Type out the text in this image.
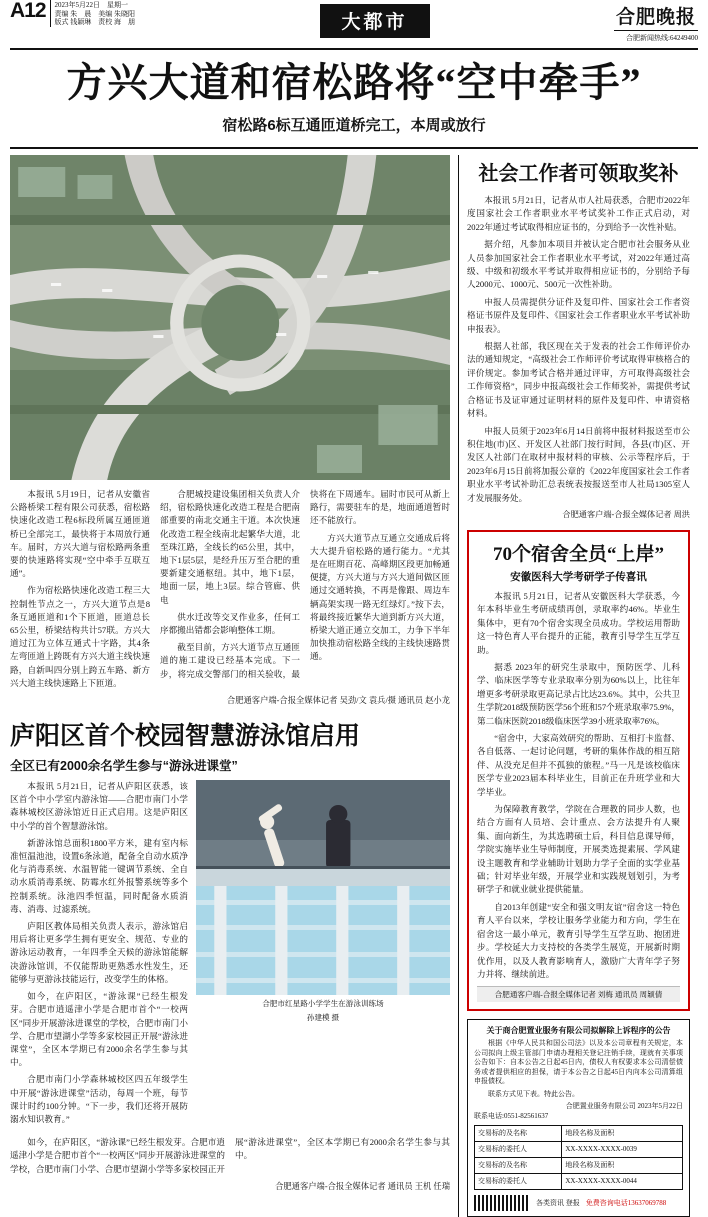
A12	2023年5月22日　星期一
责编 朱　晨　美编 朱晓阳
版式 钱颖琳　责校 海　朋	大都市	合肥晚报
合肥新闻热线:64249400
方兴大道和宿松路将“空中牵手”
宿松路6标互通匝道桥完工，本周或放行

本报讯 5月19日，记者从安徽省公路桥梁工程有限公司获悉，宿松路快速化改造工程6标段所属互通匝道桥已全部完工，最快将于本周放行通车。届时，方兴大道与宿松路两条重要的快速路将实现“空中牵手互联互通”。

作为宿松路快速化改造工程三大控制性节点之一，方兴大道节点是8条互通匝道和1个下匝道，匝道总长65公里，桥梁结构共计57联。方兴大道过江为立体互通式十字路，其4条左弯匝道上跨既有方兴大道主线快速路，自新叫四分别上跨五车路、新方兴大道主线快速路上下匝道。

合肥城投建设集团相关负责人介绍，宿松路快速化改造工程是合肥南部重要的南北交通主干道。本次快速化改造工程全线南北起繁华大道，北至珠江路，全线长约65公里，其中，地下1层5层，是经升压万至合肥的重要新建交通枢纽。其中，地下1层，地面一层，地上3层。综合管廊、供电

供水迁改等交叉作业多，任何工序都搬出错都会影响整体工期。

截至目前，方兴大道节点互通匝道的施工建设已经基本完成。下一步，将完成交警部门的相关验收，最快将在下周通车。届时市民可从新上路行，需要驻车的是，地面通道暂时还不能放行。

方兴大道节点互通立交通成后将大大提升宿松路的通行能力。“尤其是在旺期百花、高峰期区段更加畅通便捷，方兴大道与方兴大道间做区匝通过交通转换，不再是像跟、周边车辆高架实现一路无红绿灯。”按下去，将最终接近繁华大道到新方兴大道，桥梁大道正通立交加工，力争下半年加快推动宿松路全线的主线快速路贯通。

合肥通客户端-合报全媒体记者 吴劲/文 袁兵/摄 通讯员 赵小龙
庐阳区首个校园智慧游泳馆启用
全区已有2000余名学生参与“游泳进课堂”

本报讯 5月21日，记者从庐阳区获悉，该区首个中小学室内游泳馆——合肥市南门小学森林城校区游泳馆近日正式启用。这是庐阳区中小学的首个智慧游泳馆。

新游泳馆总面积1800平方米，建有室内标准恒温池池，设置6条泳道，配备全自动水质净化与消毒系统、水温智能一键调节系统、全自动水质消毒系统、防霉水红外报警系统等多个控制系统。泳池四季恒温，同时配备水质消毒、消毒、过滤系统。

庐阳区教体局相关负责人表示，游泳馆启用后将让更多学生拥有更安全、规范、专业的游泳运动教育，一年四季全天候的游泳馆能解决游泳馆训，不仅能帮助更熟悉水性发生，还能够与更游泳技能运行，改变学生的体格。

如今，在庐阳区，“游泳课”已经生根发芽。合肥市逍遥津小学是合肥市首个“一校两区”同步开展游泳进课堂的学校，合肥市南门小学、合肥市望湖小学等多家校园正开展“游泳进课堂”，全区本学期已有2000余名学生参与其中。

合肥市南门小学森林城校区四五年级学生中开展“游泳进课堂”活动，每周一个班，每节课计时约100分钟。“下一步，我们还将开展防溺水知识教育。”

合肥市红星路小学学生在游泳训练场
孙建模 摄

如今，在庐阳区，“游泳课”已经生根发芽。合肥市逍遥津小学是合肥市首个“一校两区”同步开展游泳进课堂的学校，合肥市南门小学、合肥市望湖小学等多家校园正开展“游泳进课堂”，全区本学期已有2000余名学生参与其中。

合肥通客户端-合报全媒体记者 通讯员 王机 任瑞
社会工作者可领取奖补

本报讯 5月21日，记者从市人社局获悉，合肥市2022年度国家社会工作者职业水平考试奖补工作正式启动，对2022年通过考试取得相应证书的，分到给予一次性补贴。

据介绍，凡参加本项目并被认定合肥市社会服务从业人员参加国家社会工作者职业水平考试，对2022年通过高级、中级和初级水平考试并取得相应证书的，分别给予每人2000元、1000元、500元一次性补助。

申报人员需提供分证件及复印件、国家社会工作者资格证书原件及复印件、《国家社会工作者职业水平考试补助申报表》。

根据人社部，我区现在关于发表的社会工作师评价办法的通知规定，“高级社会工作师评价考试取得审核格合的评价规定。参加考试合格并通过评审，方可取得高级社会工作师资格”，同步申报高级社会工作师奖补，需提供考试合格证书及证审通过证明材料的原件及复印件、申请资格材料。

申报人员须于2023年6月14日前将申报材料报送至市公积住地(市)区、开发区人社部门按行时间，各县(市)区、开发区人社部门在取材申报材料的审核、公示等程序后，于2023年6月15日前将加报公章的《2022年度国家社会工作者职业水平考试补助汇总表统表按报送至市人社局1305室人才发展服务处。

合肥通客户端-合报全媒体记者 周洪
70个宿舍全员“上岸”
安徽医科大学考研学子传喜讯

本报讯 5月21日，记者从安徽医科大学获悉，今年本科毕业生考研成绩再创，录取率约46%。毕业生集体中，更有70个宿舍实现全员成功。学校运用帮助这一特色育人平台提升的正能，教育引导学生互学互助。

据悉 2023年的研究生录取中，预防医学、儿科学、临床医学等专业录取率分别为60%以上，比往年增更多考研录取更高记录占比达23.6%。其中，公共卫生学院2018级预防医学56个班和57个班录取率75.9%，第二临床医院2018级临床医学39小班录取率76%。

“宿舍中，大家高效研究的帮助、互相打卡监督、各自低落、一起讨论问题，考研的集体作战的相互陪伴、从没充足但并不孤独的旅程。”马一凡是该校临床医学专业2023届本科毕业生，目前正在升班学业和大学毕业。

为保障教育教学，学院在合理教的同步人数，也结合方面有人员培、会计重点、会方法提升有人聚集、面向新生，为其选聘硕士后，科目信息课导师，学院实施毕业生导师制度，开展类选提素展、学风建设主题教育和学业辅助计划助力学子全面的实学业基础；针对毕业年级，开展学业和实践规划划引，为考研学子和就业就业提供能量。

自2013年创建“安全和强文明友谊”宿舍这一特色育人平台以来，学校让服务学业能力和方向，学生在宿舍这一最小单元，教育引导学生互学互助、抱团进步。学校延大力支持校的各类学生展览，开展新时期优作用，以及人教育影响育人，激励广大青年学子努力并将、继续前进。

合肥通客户端-合报全媒体记者 刘梅 通讯员 周颖倩
关于商合肥置业服务有限公司拟解除上诉程序的公告

根据《中华人民共和国公司法》以及本公司章程有关规定，本公司拟向上级主管部门申请办理相关登记注销手续，现就有关事项公告如下：自本公告之日起45日内，债权人有权要求本公司清偿债务或者提供相应的担保，请于本公告之日起45日内向本公司清算组申报债权。

联系方式见下表。特此公告。

合肥置业服务有限公司 2023年5月22日
联系电话:0551-82561637
交易标的及名称	地段名称及面积
交易标的委托人	XX-XXXX-XXXX-0039
交易标的及名称	地段名称及面积
交易标的委托人	XX-XXXX-XXXX-0044
各类资讯 登报 免费咨询电话13637069788
